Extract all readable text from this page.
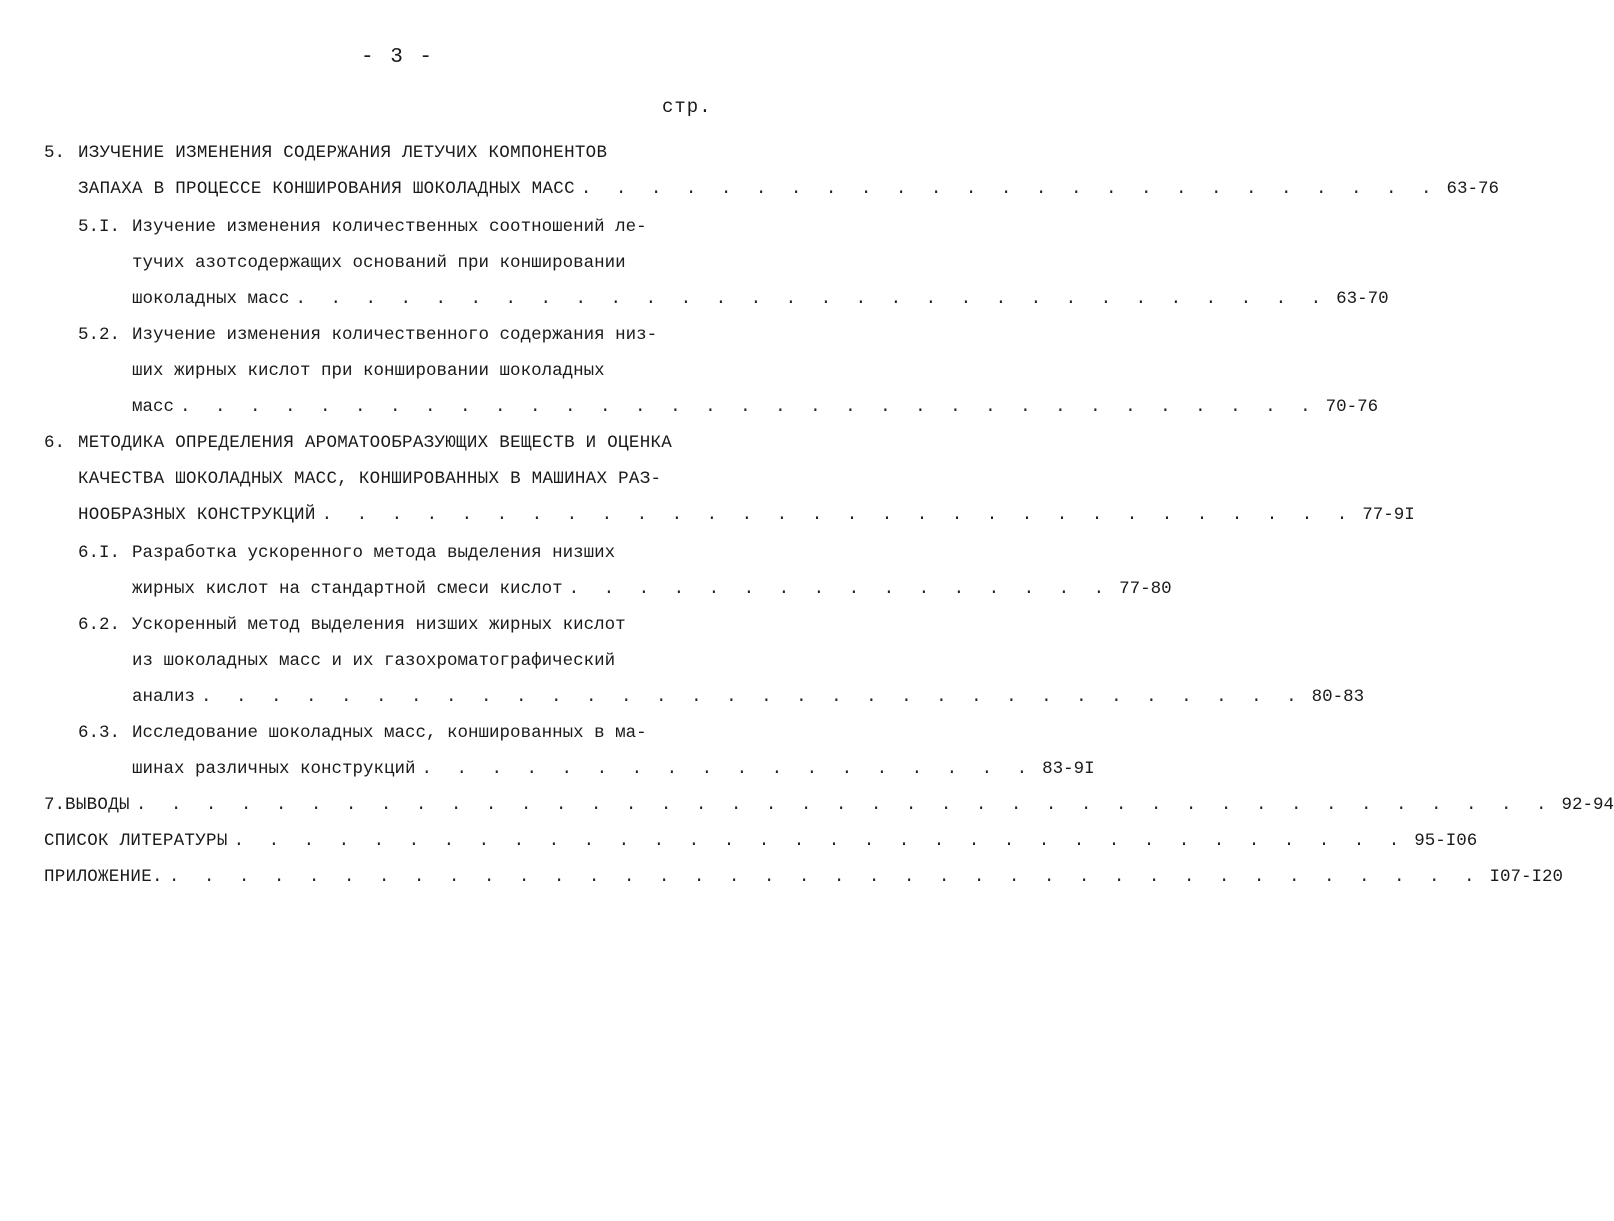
- 3 -
стр.
5. ИЗУЧЕНИЕ ИЗМЕНЕНИЯ СОДЕРЖАНИЯ ЛЕТУЧИХ КОМПОНЕНТОВ
ЗАПАХА В ПРОЦЕССЕ КОНШИРОВАНИЯ ШОКОЛАДНЫХ МАСС . . . . . . . . . . . . . . . . . . . . . . . . . 63-76
5.I. Изучение изменения количественных соотношений ле-
тучих азотсодержащих оснований при коншировании
шоколадных масс . . . . . . . . . . . . . . . . . . . . . . . . . . . . . . 63-70
5.2. Изучение изменения количественного содержания низ-
ших жирных кислот при коншировании шоколадных
масс . . . . . . . . . . . . . . . . . . . . . . . . . . . . . . . . . 70-76
6. МЕТОДИКА ОПРЕДЕЛЕНИЯ АРОМАТООБРАЗУЮЩИХ ВЕЩЕСТВ И ОЦЕНКА
КАЧЕСТВА ШОКОЛАДНЫХ МАСС, КОНШИРОВАННЫХ В МАШИНАХ РАЗ-
НООБРАЗНЫХ КОНСТРУКЦИЙ . . . . . . . . . . . . . . . . . . . . . . . . . . . . . . 77-9I
6.I. Разработка ускоренного метода выделения низших
жирных кислот на стандартной смеси кислот . . . . . . . . . . . . . . . . 77-80
6.2. Ускоренный метод выделения низших жирных кислот
из шоколадных масс и их газохроматографический
анализ . . . . . . . . . . . . . . . . . . . . . . . . . . . . . . . . 80-83
6.3. Исследование шоколадных масс, коншированных в ма-
шинах различных конструкций . . . . . . . . . . . . . . . . . . 83-9I
7. ВЫВОДЫ . . . . . . . . . . . . . . . . . . . . . . . . . . . . . . . . . . . . . . . . . 92-94
СПИСОК ЛИТЕРАТУРЫ . . . . . . . . . . . . . . . . . . . . . . . . . . . . . . . . . . 95-I06
ПРИЛОЖЕНИЕ. . . . . . . . . . . . . . . . . . . . . . . . . . . . . . . . . . . . . . . I07-I20
